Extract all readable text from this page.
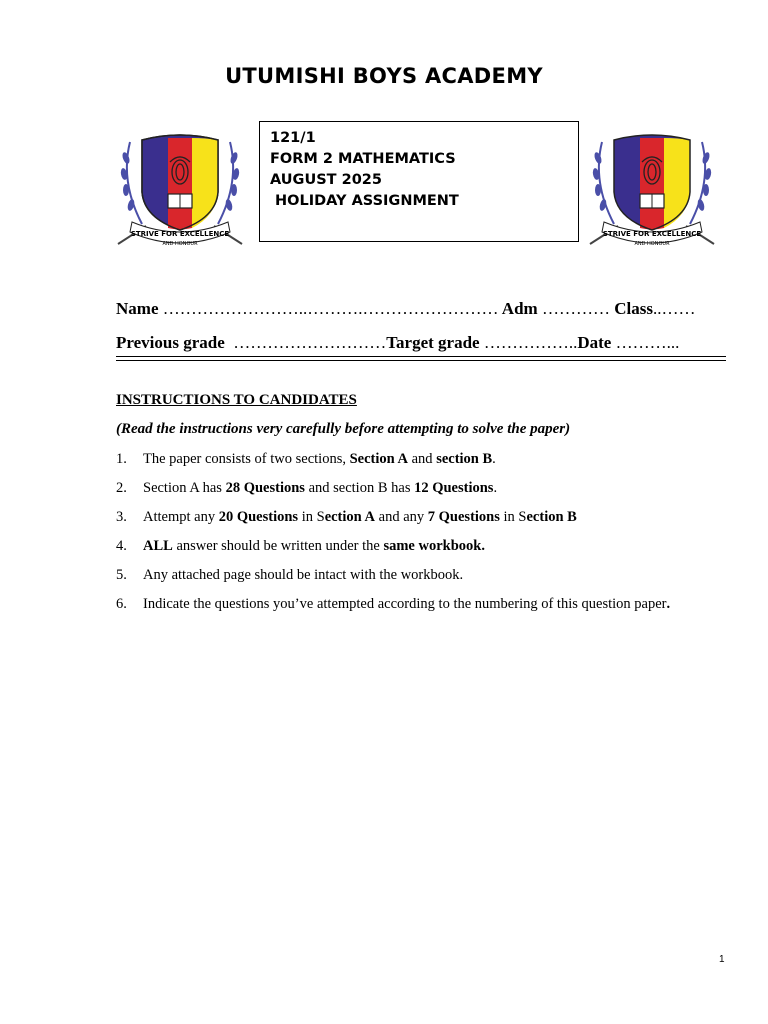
UTUMISHI BOYS ACADEMY
STRIVE FOR EXCELLENCE
AND HONOUR
STRIVE FOR EXCELLENCE
AND HONOUR
121/1
FORM 2 MATHEMATICS
AUGUST 2025
HOLIDAY ASSIGNMENT
Name ……………………..……….…………………… Adm ………… Class..……
Previous grade ………………………Target grade ……………..Date ………...
INSTRUCTIONS TO CANDIDATES
(Read the instructions very carefully before attempting to solve the paper)
1. The paper consists of two sections, Section A and section B.
2. Section A has 28 Questions and section B has 12 Questions.
3. Attempt any 20 Questions in Section A and any 7 Questions in Section B
4. ALL answer should be written under the same workbook.
5. Any attached page should be intact with the workbook.
6. Indicate the questions you’ve attempted according to the numbering of this question paper.
1
